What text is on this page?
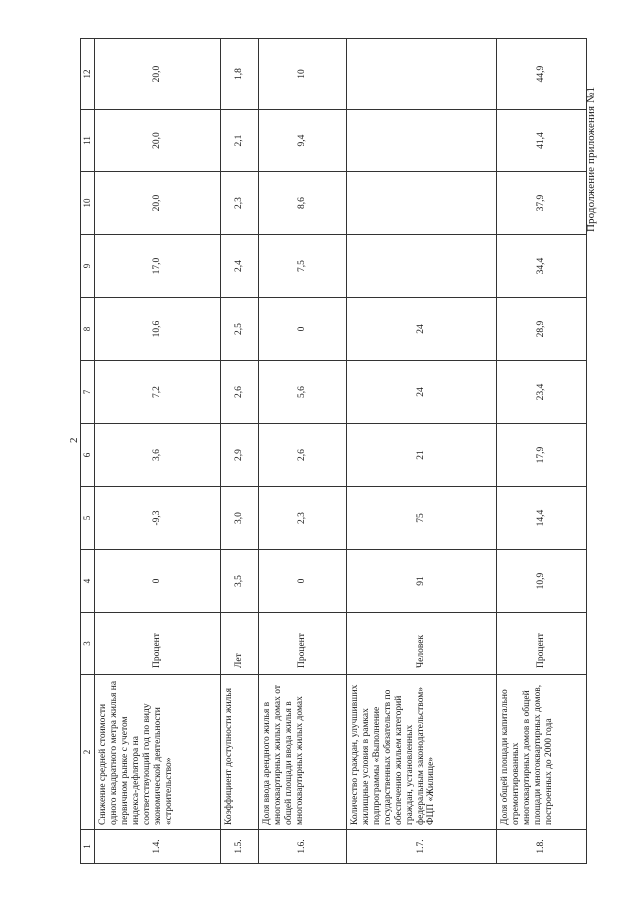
2
Продолжение приложения №1
1	2	3	4	5	6	7	8	9	10	11	12
1.4.	Снижение средней стоимости одного квадратного метра жилья на первичном рынке с учетом индекса-дефлятора на соответствующий год по виду экономической деятельности «строительство»	Процент	0	-9,3	3,6	7,2	10,6	17,0	20,0	20,0	20,0
1.5.	Коэффициент доступности жилья	Лет	3,5	3,0	2,9	2,6	2,5	2,4	2,3	2,1	1,8
1.6.	Доля ввода арендного жилья в многоквартирных жилых домах от общей площади ввода жилья в многоквартирных жилых домах	Процент	0	2,3	2,6	5,6	0	7,5	8,6	9,4	10
1.7.	Количество граждан, улучшивших жилищные условия в рамках подпрограммы «Выполнение государственных обязательств по обеспечению жильем категорий граждан, установленных федеральным законодательством» ФЦП «Жилище»	Человек	91	75	21	24	24				
1.8.	Доля общей площади капитально отремонтированных многоквартирных домов в общей площади многоквартирных домов, построенных до 2000 года	Процент	10,9	14,4	17,9	23,4	28,9	34,4	37,9	41,4	44,9
